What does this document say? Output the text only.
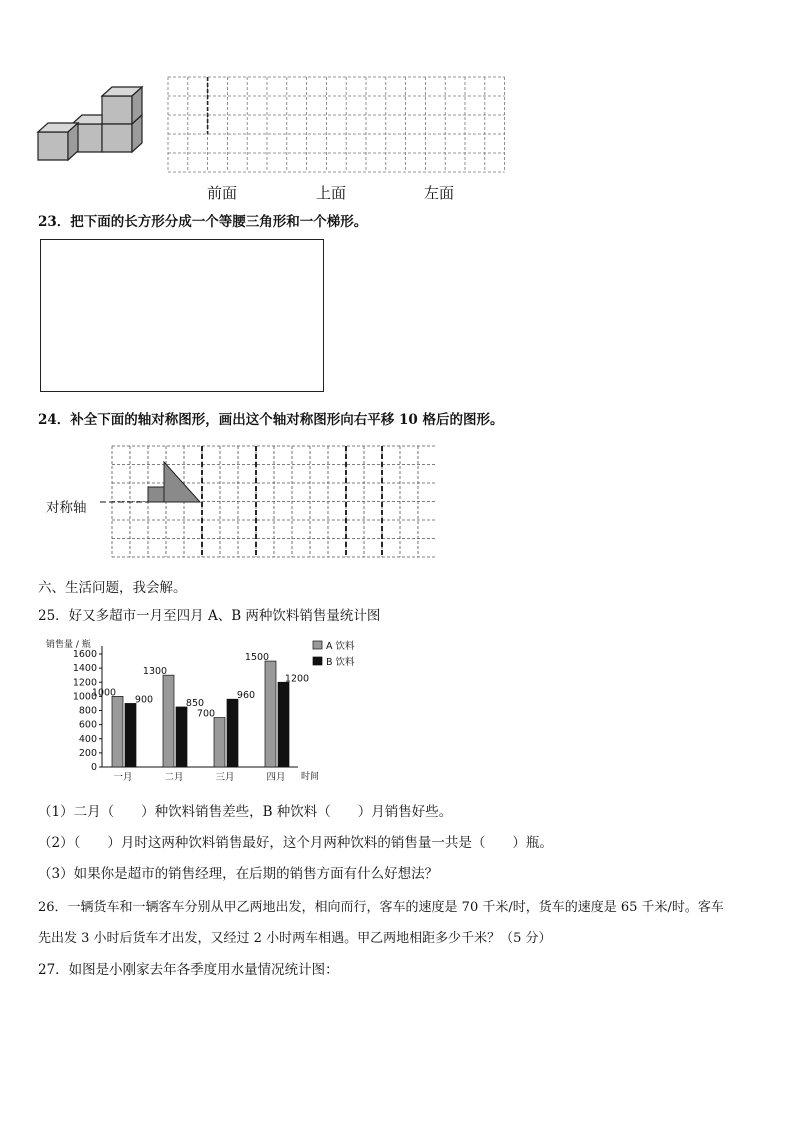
前面	上面	左面
23．把下面的长方形分成一个等腰三角形和一个梯形。
24．补全下面的轴对称图形，画出这个轴对称图形向右平移 10 格后的图形。
对称轴
六、生活问题，我会解。
25．好又多超市一月至四月 A、B 两种饮料销售量统计图
销售量 / 瓶
0
200
400
600
800
1000
1200
1400
1600
1000
900
一月
1300
850
二月
700
960
三月
1500
1200
四月 时间
A 饮料
B 饮料
（1）二月（　　）种饮料销售差些，B 种饮料（　　）月销售好些。
（2）（　　）月时这两种饮料销售最好，这个月两种饮料的销售量一共是（　　）瓶。
（3）如果你是超市的销售经理，在后期的销售方面有什么好想法？
26．一辆货车和一辆客车分别从甲乙两地出发，相向而行，客车的速度是 70 千米/时，货车的速度是 65 千米/时。客车
先出发 3 小时后货车才出发，又经过 2 小时两车相遇。甲乙两地相距多少千米？（5 分）
27．如图是小刚家去年各季度用水量情况统计图：
